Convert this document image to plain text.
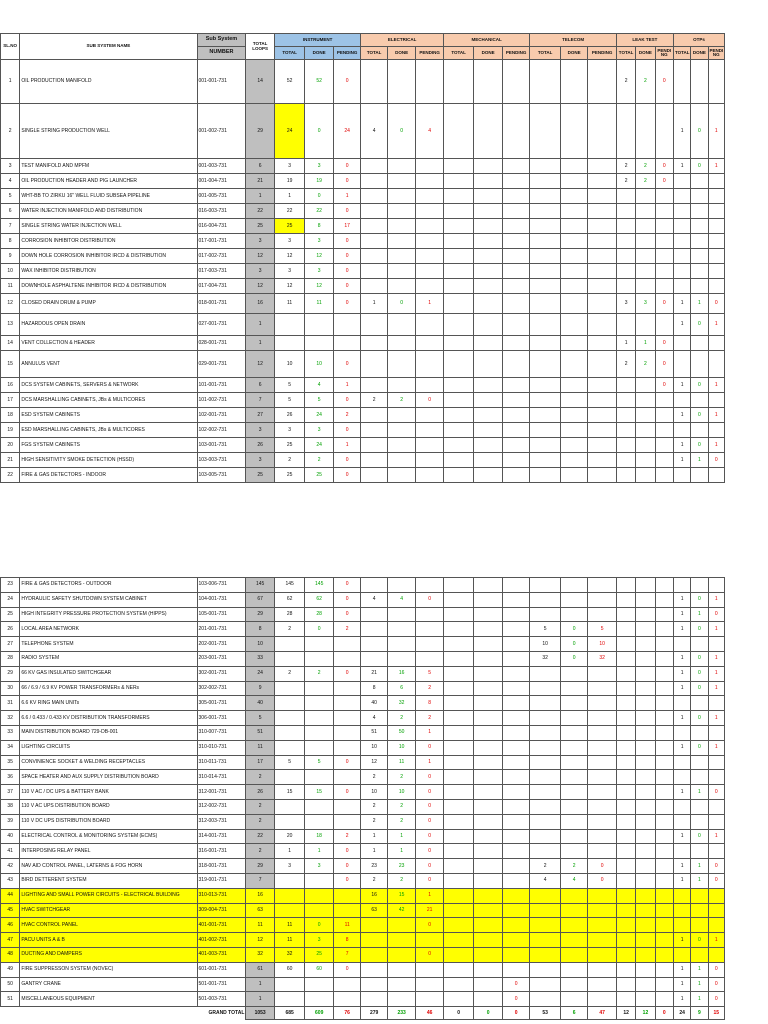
SL.NO	SUB SYSTEM NAME	Sub System	TOTAL LOOPS	INSTRUMENT			ELECTRICAL			MECHANICAL			TELECOM			LEAK TEST			OTPs		
		NUMBER		TOTAL	DONE	PENDING	TOTAL	DONE	PENDING	TOTAL	DONE	PENDING	TOTAL	DONE	PENDING	TOTAL	DONE	PENDI NG	TOTAL	DONE	PENDI NG
1	OIL PRODUCTION MANIFOLD	001-001-731	14	52	52	0										2	2	0			
2	SINGLE STRING PRODUCTION WELL	001-002-731	29	24	0	24	4	0	4										1	0	1
3	TEST MANIFOLD AND MPFM	001-003-731	6	3	3	0										2	2	0	1	0	1
4	OIL PRODUCTION HEADER AND PIG LAUNCHER	001-004-731	21	19	19	0										2	2	0			
5	WHT-BB TO ZIRKU 16" WELL FLUID SUBSEA PIPELINE	001-005-731	1	1	0	1															
6	WATER INJECTION MANIFOLD AND DISTRIBUTION	016-003-731	22	22	22	0															
7	SINGLE STRING WATER INJECTION WELL	016-004-731	25	25	8	17															
8	CORROSION INHIBITOR DISTRIBUTION	017-001-731	3	3	3	0															
9	DOWN HOLE CORROSION INHIBITOR IRCD & DISTRIBUTION	017-002-731	12	12	12	0															
10	WAX INHIBITOR DISTRIBUTION	017-003-731	3	3	3	0															
11	DOWNHOLE ASPHALTENE INHIBITOR IRCD & DISTRIBUTION	017-004-731	12	12	12	0															
12	CLOSED DRAIN DRUM & PUMP	018-001-731	16	11	11	0	1	0	1							3	3	0	1	1	0
13	HAZARDOUS OPEN DRAIN	027-001-731	1																1	0	1
14	VENT COLLECTION & HEADER	028-001-731	1													1	1	0			
15	ANNULUS VENT	029-001-731	12	10	10	0										2	2	0			
16	DCS SYSTEM CABINETS, SERVERS & NETWORK	101-001-731	6	5	4	1												0	1	0	1
17	DCS MARSHALLING CABINETS, JBs & MULTICORES	101-002-731	7	5	5	0	2	2	0												
18	ESD SYSTEM CABINETS	102-001-731	27	26	24	2													1	0	1
19	ESD MARSHALLING CABINETS, JBs & MULTICORES	102-002-731	3	3	3	0															
20	FGS SYSTEM CABINETS	103-001-731	26	25	24	1													1	0	1
21	HIGH SENSITIVITY SMOKE DETECTION (HSSD)	103-003-731	3	2	2	0													1	1	0
22	FIRE & GAS DETECTORS - INDOOR	103-005-731	25	25	25	0															
23	FIRE & GAS DETECTORS - OUTDOOR	103-006-731	145	145	145	0															
24	HYDRAULIC SAFETY SHUTDOWN SYSTEM CABINET	104-001-731	67	62	62	0	4	4	0										1	0	1
25	HIGH INTEGRITY PRESSURE PROTECTION SYSTEM (HIPPS)	105-001-731	29	28	28	0													1	1	0
26	LOCAL AREA NETWORK	201-001-731	8	2	0	2							5	0	5				1	0	1
27	TELEPHONE SYSTEM	202-001-731	10										10	0	10						
28	RADIO SYSTEM	203-001-731	33										32	0	32				1	0	1
29	66 KV GAS INSULATED SWITCHGEAR	302-001-731	24	2	2	0	21	16	5										1	0	1
30	66 / 6.9 / 6.9 KV POWER TRANSFORMERs & NERs	302-002-731	9				8	6	2										1	0	1
31	6.6 KV RING MAIN UNITs	305-001-731	40				40	32	8												
32	6.6 / 0.433 / 0.433 KV DISTRIBUTION TRANSFORMERS	306-001-731	5				4	2	2										1	0	1
33	MAIN DISTRIBUTION BOARD 729-DB-001	310-007-731	51				51	50	1												
34	LIGHTING CIRCUITS	310-010-731	11				10	10	0										1	0	1
35	CONVINIENCE SOCKET & WELDING RECEPTACLES	310-011-731	17	5	5	0	12	11	1												
36	SPACE HEATER AND AUX SUPPLY DISTRIBUTION BOARD	310-014-731	2				2	2	0												
37	110 V AC / DC UPS & BATTERY BANK	312-001-731	26	15	15	0	10	10	0										1	1	0
38	110 V AC UPS DISTRIBUTION BOARD	312-002-731	2				2	2	0												
39	110 V DC UPS DISTRIBUTION BOARD	312-003-731	2				2	2	0												
40	ELECTRICAL CONTROL & MONITORING SYSTEM (ECMS)	314-001-731	22	20	18	2	1	1	0										1	0	1
41	INTERPOSING RELAY PANEL	316-001-731	2	1	1	0	1	1	0												
42	NAV AID CONTROL PANEL, LATERNS & FOG HORN	318-001-731	29	3	3	0	23	23	0				2	2	0				1	1	0
43	BIRD DETTERENT SYSTEM	319-001-731	7			0	2	2	0				4	4	0				1	1	0
44	LIGHTING AND SMALL POWER CIRCUITS - ELECTRICAL BUILDING	310-013-731	16				16	15	1												
45	HVAC SWITCHGEAR	309-004-731	63				63	42	21												
46	HVAC CONTROL PANEL	401-001-731	11	11	0	11			0												
47	PACU UNITS A & B	401-002-731	12	11	3	8													1	0	1
48	DUCTING AND DAMPERS	401-003-731	32	32	25	7			0												
49	FIRE SUPPRESSON SYSTEM (NOVEC)	601-001-731	61	60	60	0													1	1	0
50	GANTRY CRANE	501-001-731	1									0							1	1	0
51	MISCELLANEOUS EQUIPMENT	501-003-731	1									0							1	1	0
	GRAND TOTAL		1053	685	609	76	279	233	46	0	0	0	53	6	47	12	12	0	24	9	15
